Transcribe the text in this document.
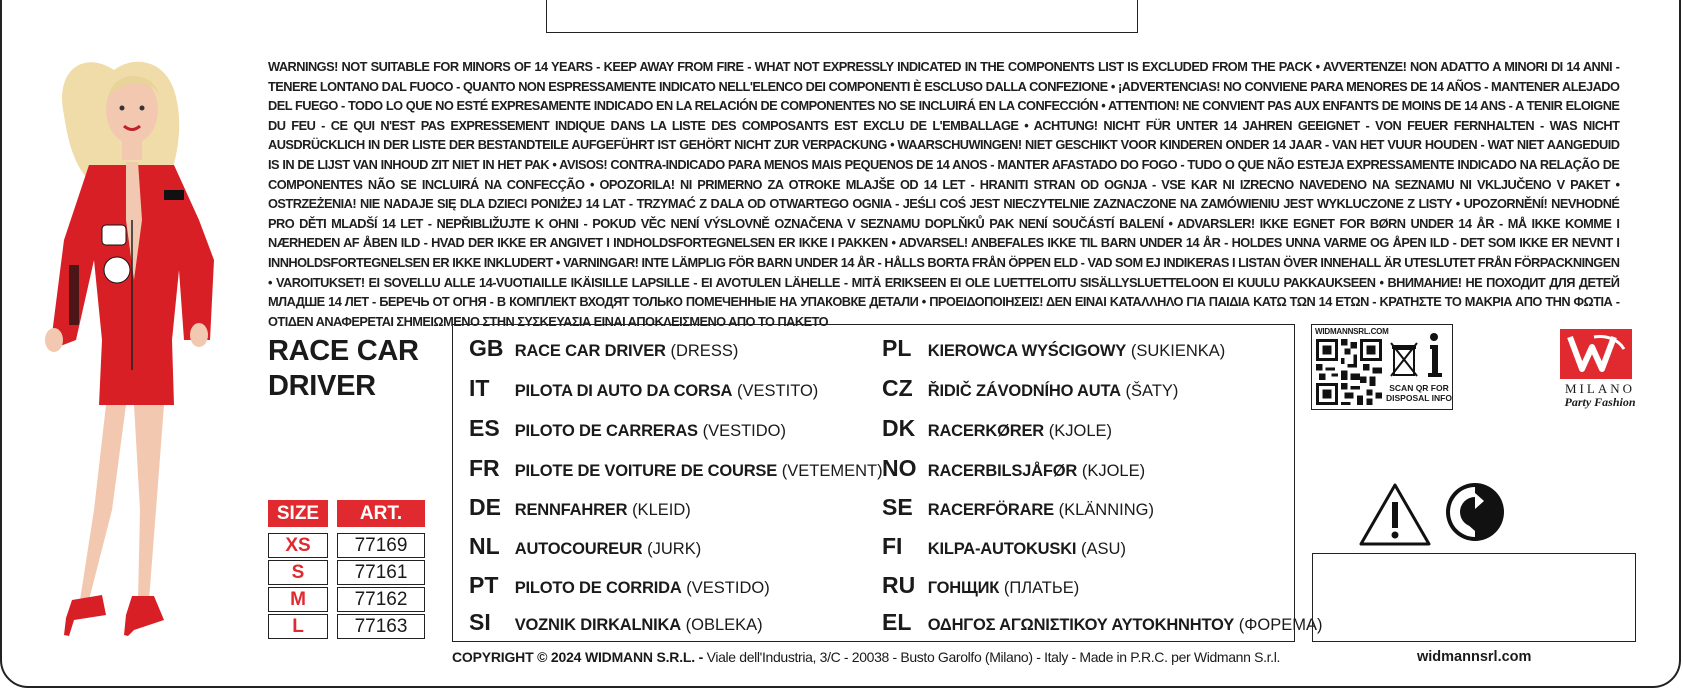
WARNINGS! NOT SUITABLE FOR MINORS OF 14 YEARS - KEEP AWAY FROM FIRE - WHAT NOT EXPRESSLY INDICATED IN THE COMPONENTS LIST IS EXCLUDED FROM THE PACK • AVVERTENZE! NON ADATTO A MINORI DI 14 ANNI - TENERE LONTANO DAL FUOCO - QUANTO NON ESPRESSAMENTE INDICATO NELL'ELENCO DEI COMPONENTI È ESCLUSO DALLA CONFEZIONE • ¡ADVERTENCIAS! NO CONVIENE PARA MENORES DE 14 AÑOS - MANTENER ALEJADO DEL FUEGO - TODO LO QUE NO ESTÉ EXPRESAMENTE INDICADO EN LA RELACIÓN DE COMPONENTES NO SE INCLUIRÁ EN LA CONFECCIÓN • ATTENTION! NE CONVIENT PAS AUX ENFANTS DE MOINS DE 14 ANS - A TENIR ELOIGNE DU FEU - CE QUI N'EST PAS EXPRESSEMENT INDIQUE DANS LA LISTE DES COMPOSANTS EST EXCLU DE L'EMBALLAGE • ACHTUNG! NICHT FÜR UNTER 14 JAHREN GEEIGNET - VON FEUER FERNHALTEN - WAS NICHT AUSDRÜCKLICH IN DER LISTE DER BESTANDTEILE AUFGEFÜHRT IST GEHÖRT NICHT ZUR VERPACKUNG • WAARSCHUWINGEN! NIET GESCHIKT VOOR KINDEREN ONDER 14 JAAR - VAN HET VUUR HOUDEN - WAT NIET AANGEDUID IS IN DE LIJST VAN INHOUD ZIT NIET IN HET PAK • AVISOS! CONTRA-INDICADO PARA MENOS MAIS PEQUENOS DE 14 ANOS - MANTER AFASTADO DO FOGO - TUDO O QUE NÃO ESTEJA EXPRESSAMENTE INDICADO NA RELAÇÃO DE COMPONENTES NÃO SE INCLUIRÁ NA CONFECÇÃO • OPOZORILA! NI PRIMERNO ZA OTROKE MLAJŠE OD 14 LET - HRANITI STRAN OD OGNJA - VSE KAR NI IZRECNO NAVEDENO NA SEZNAMU NI VKLJUČENO V PAKET • OSTRZEŻENIA! NIE NADAJE SIĘ DLA DZIECI PONIŻEJ 14 LAT - TRZYMAĆ Z DALA OD OTWARTEGO OGNIA - JEŚLI COŚ JEST NIECZYTELNIE ZAZNACZONE NA ZAMÓWIENIU JEST WYKLUCZONE Z LISTY • UPOZORNĚNÍ! NEVHODNÉ PRO DĚTI MLADŠÍ 14 LET - NEPŘIBLIŽUJTE K OHNI - POKUD VĚC NENÍ VÝSLOVNĚ OZNAČENA V SEZNAMU DOPLŇKŮ PAK NENÍ SOUČÁSTÍ BALENÍ • ADVARSLER! IKKE EGNET FOR BØRN UNDER 14 ÅR - MÅ IKKE KOMME I NÆRHEDEN AF ÅBEN ILD - HVAD DER IKKE ER ANGIVET I INDHOLDSFORTEGNELSEN ER IKKE I PAKKEN • ADVARSEL! ANBEFALES IKKE TIL BARN UNDER 14 ÅR - HOLDES UNNA VARME OG ÅPEN ILD - DET SOM IKKE ER NEVNT I INNHOLDSFORTEGNELSEN ER IKKE INKLUDERT • VARNINGAR! INTE LÄMPLIG FÖR BARN UNDER 14 ÅR - HÅLLS BORTA FRÅN ÖPPEN ELD - VAD SOM EJ INDIKERAS I LISTAN ÖVER INNEHALL ÄR UTESLUTET FRÅN FÖRPACKNINGEN • VAROITUKSET! EI SOVELLU ALLE 14-VUOTIAILLE IKÄISILLE LAPSILLE - EI AVOTULEN LÄHELLE - MITÄ ERIKSEEN EI OLE LUETTELOITU SISÄLLYSLUETTELOON EI KUULU PAKKAUKSEEN • ВНИМАНИЕ! НЕ ПОХОДИТ ДЛЯ ДЕТЕЙ МЛАДШЕ 14 ЛЕТ - БЕРЕЧЬ ОТ ОГНЯ - В КОМПЛЕКТ ВХОДЯТ ТОЛЬКО ПОМЕЧЕННЫЕ НА УПАКОВКЕ ДЕТАЛИ • ΠΡΟΕΙΔΟΠΟΙΗΣΕΙΣ! ΔΕΝ ΕΙΝΑΙ ΚΑΤΑΛΛΗΛΟ ΓΙΑ ΠΑΙΔΙΑ ΚΑΤΩ ΤΩΝ 14 ΕΤΩΝ - ΚΡΑΤΗΣΤΕ ΤΟ ΜΑΚΡΙΑ ΑΠΟ ΤΗΝ ΦΩΤΙΑ - ΟΤΙΔΕΝ ΑΝΑΦΕΡΕΤΑΙ ΣΗΜΕΙΩΜΕΝΟ ΣΤΗΝ ΣΥΣΚΕΥΑΣΙΑ ΕΙΝΑΙ ΑΠΟΚΛΕΙΣΜΕΝΟ ΑΠΟ ΤΟ ΠΑΚΕΤΟ
RACE CAR
DRIVER
SIZE	ART.
XS	77169
S	77161
M	77162
L	77163
GB RACE CAR DRIVER (DRESS)
IT PILOTA DI AUTO DA CORSA (VESTITO)
ES PILOTO DE CARRERAS (VESTIDO)
FR PILOTE DE VOITURE DE COURSE (VETEMENT)
DE RENNFAHRER (KLEID)
NL AUTOCOUREUR (JURK)
PT PILOTO DE CORRIDA (VESTIDO)
SI VOZNIK DIRKALNIKA (OBLEKA)
PL KIEROWCA WYŚCIGOWY (SUKIENKA)
CZ ŘIDIČ ZÁVODNÍHO AUTA (ŠATY)
DK RACERKØRER (KJOLE)
NO RACERBILSJÅFØR (KJOLE)
SE RACERFÖRARE (KLÄNNING)
FI KILPA-AUTOKUSKI (ASU)
RU ГОНЩИК (ПЛАТЬЕ)
EL ΟΔΗΓΟΣ ΑΓΩΝΙΣΤΙΚΟΥ ΑΥΤΟΚΗΝΗΤΟΥ (ΦΟΡΕΜΑ)
WIDMANNSRL.COM
SCAN QR FOR DISPOSAL INFO
MILANO
Party Fashion
COPYRIGHT © 2024 WIDMANN S.R.L. - Viale dell'Industria, 3/C - 20038 - Busto Garolfo (Milano) - Italy - Made in P.R.C. per Widmann S.r.l.	widmannsrl.com
